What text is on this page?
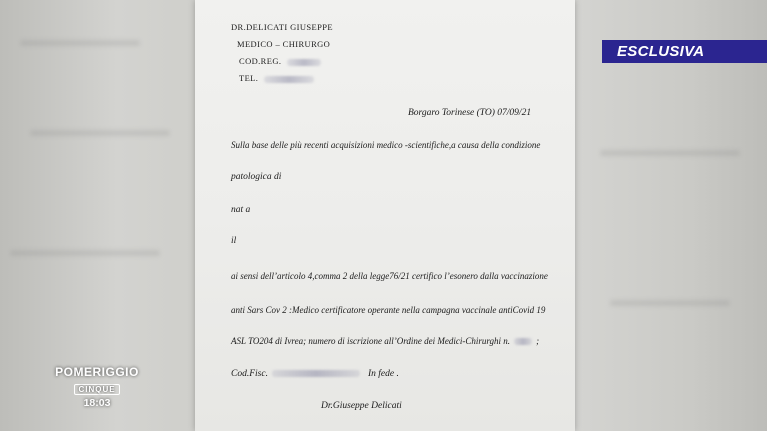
DR.DELICATI GIUSEPPE
MEDICO – CHIRURGO
COD.REG.
TEL.
Borgaro Torinese (TO) 07/09/21
Sulla base delle più recenti acquisizioni medico -scientifiche,a causa della condizione
patologica di
nat a
il
ai sensi dell’articolo 4,comma 2 della legge76/21 certifico l’esonero dalla vaccinazione
anti Sars Cov 2 :Medico certificatore operante nella campagna vaccinale antiCovid 19
ASL TO204 di Ivrea; numero di iscrizione all’Ordine dei Medici-Chirurghi n.	;
Cod.Fisc.	In fede .
Dr.Giuseppe Delicati
ESCLUSIVA
POMERIGGIO
CINQUE
18:03
